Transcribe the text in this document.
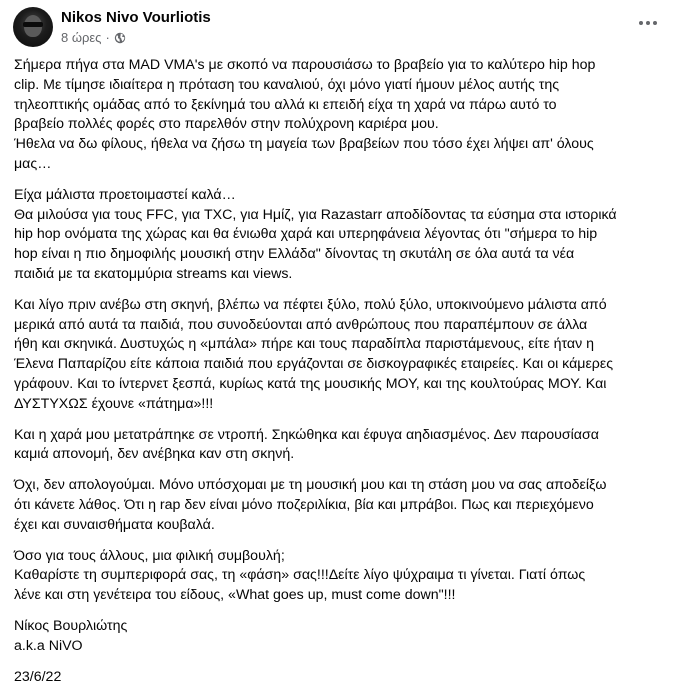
Nikos Nivo Vourliotis
8 ώρες ·
Σήμερα πήγα στα MAD VMA's με σκοπό να παρουσιάσω το βραβείο για το καλύτερο hip hop
clip. Με τίμησε ιδιαίτερα η πρόταση του καναλιού, όχι μόνο γιατί ήμουν μέλος αυτής της
τηλεοπτικής ομάδας από το ξεκίνημά του αλλά κι επειδή είχα τη χαρά να πάρω αυτό το
βραβείο πολλές φορές στο παρελθόν στην πολύχρονη καριέρα μου.
Ήθελα να δω φίλους, ήθελα να ζήσω τη μαγεία των βραβείων που τόσο έχει λήψει απ' όλους
μας…
Είχα μάλιστα προετοιμαστεί καλά…
Θα μιλούσα για τους FFC, για TXC, για Ημίζ, για Razastarr αποδίδοντας τα εύσημα στα ιστορικά
hip hop ονόματα της χώρας και θα ένιωθα χαρά και υπερηφάνεια λέγοντας ότι "σήμερα το hip
hop είναι η πιο δημοφιλής μουσική στην Ελλάδα" δίνοντας τη σκυτάλη σε όλα αυτά τα νέα
παιδιά με τα εκατομμύρια streams και views.
Και λίγο πριν ανέβω στη σκηνή, βλέπω να πέφτει ξύλο, πολύ ξύλο, υποκινούμενο μάλιστα από
μερικά από αυτά τα παιδιά, που συνοδεύονται από ανθρώπους που παραπέμπουν σε άλλα
ήθη και σκηνικά. Δυστυχώς η «μπάλα» πήρε και τους παραδίπλα παριστάμενους, είτε ήταν η
Έλενα Παπαρίζου είτε κάποια παιδιά που εργάζονται σε δισκογραφικές εταιρείες. Και οι κάμερες
γράφουν. Και το ίντερνετ ξεσπά, κυρίως κατά της μουσικής ΜΟΥ, και της κουλτούρας ΜΟΥ. Και
ΔΥΣΤΥΧΩΣ έχουνε «πάτημα»!!!
Και η χαρά μου μετατράπηκε σε ντροπή. Σηκώθηκα και έφυγα αηδιασμένος. Δεν παρουσίασα
καμιά απονομή, δεν ανέβηκα καν στη σκηνή.
Όχι, δεν απολογούμαι. Μόνο υπόσχομαι με τη μουσική μου και τη στάση μου να σας αποδείξω
ότι κάνετε λάθος. Ότι η rap δεν είναι μόνο ποζεριλίκια, βία και μπράβοι. Πως και περιεχόμενο
έχει και συναισθήματα κουβαλά.
Όσο για τους άλλους, μια φιλική συμβουλή;
Καθαρίστε τη συμπεριφορά σας, τη «φάση» σας!!!Δείτε λίγο ψύχραιμα τι γίνεται. Γιατί όπως
λένε και στη γενέτειρα του είδους, «What goes up, must come down"!!!
Νίκος Βουρλιώτης
a.k.a NiVO
23/6/22
